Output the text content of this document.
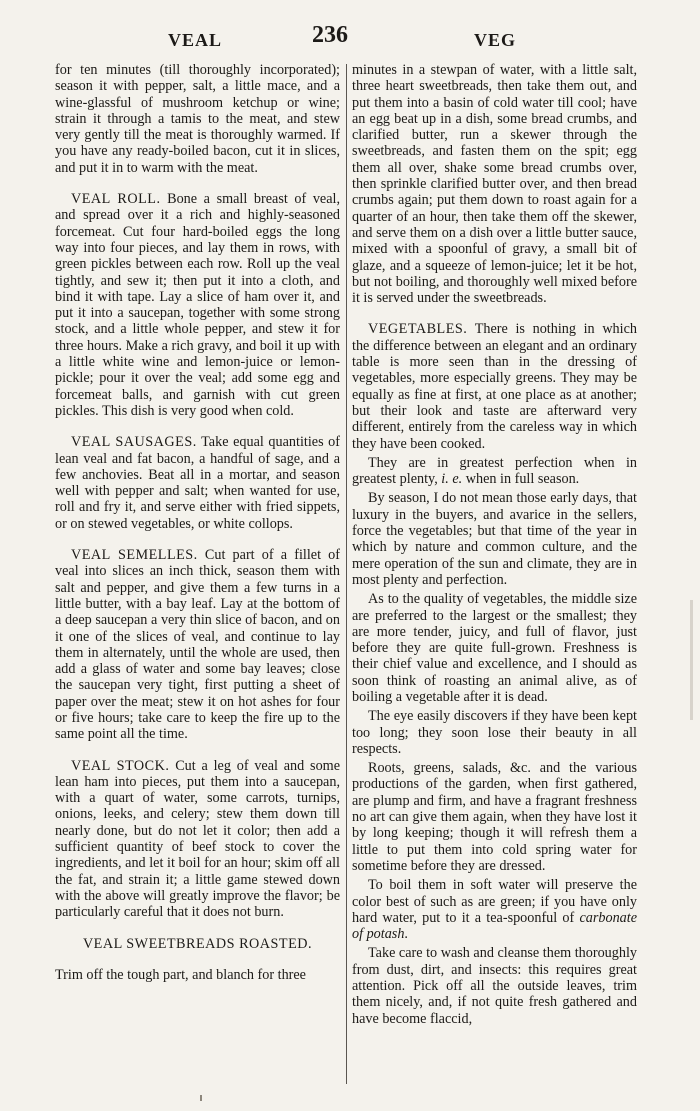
VEAL	236	VEG

for ten minutes (till thoroughly incorporated); season it with pepper, salt, a little mace, and a wine-glassful of mushroom ketchup or wine; strain it through a tamis to the meat, and stew very gently till the meat is thoroughly warmed. If you have any ready-boiled bacon, cut it in slices, and put it in to warm with the meat.

VEAL ROLL. Bone a small breast of veal, and spread over it a rich and highly-seasoned forcemeat. Cut four hard-boiled eggs the long way into four pieces, and lay them in rows, with green pickles between each row. Roll up the veal tightly, and sew it; then put it into a cloth, and bind it with tape. Lay a slice of ham over it, and put it into a saucepan, together with some strong stock, and a little whole pepper, and stew it for three hours. Make a rich gravy, and boil it up with a little white wine and lemon-juice or lemon-pickle; pour it over the veal; add some egg and forcemeat balls, and garnish with cut green pickles. This dish is very good when cold.

VEAL SAUSAGES. Take equal quantities of lean veal and fat bacon, a handful of sage, and a few anchovies. Beat all in a mortar, and season well with pepper and salt; when wanted for use, roll and fry it, and serve either with fried sippets, or on stewed vegetables, or white collops.

VEAL SEMELLES. Cut part of a fillet of veal into slices an inch thick, season them with salt and pepper, and give them a few turns in a little butter, with a bay leaf. Lay at the bottom of a deep saucepan a very thin slice of bacon, and on it one of the slices of veal, and continue to lay them in alternately, until the whole are used, then add a glass of water and some bay leaves; close the saucepan very tight, first putting a sheet of paper over the meat; stew it on hot ashes for four or five hours; take care to keep the fire up to the same point all the time.

VEAL STOCK. Cut a leg of veal and some lean ham into pieces, put them into a saucepan, with a quart of water, some carrots, turnips, onions, leeks, and celery; stew them down till nearly done, but do not let it color; then add a sufficient quantity of beef stock to cover the ingredients, and let it boil for an hour; skim off all the fat, and strain it; a little game stewed down with the above will greatly improve the flavor; be particularly careful that it does not burn.

VEAL SWEETBREADS ROASTED.

Trim off the tough part, and blanch for three

minutes in a stewpan of water, with a little salt, three heart sweetbreads, then take them out, and put them into a basin of cold water till cool; have an egg beat up in a dish, some bread crumbs, and clarified butter, run a skewer through the sweetbreads, and fasten them on the spit; egg them all over, shake some bread crumbs over, then sprinkle clarified butter over, and then bread crumbs again; put them down to roast again for a quarter of an hour, then take them off the skewer, and serve them on a dish over a little butter sauce, mixed with a spoonful of gravy, a small bit of glaze, and a squeeze of lemon-juice; let it be hot, but not boiling, and thoroughly well mixed before it is served under the sweetbreads.

VEGETABLES. There is nothing in which the difference between an elegant and an ordinary table is more seen than in the dressing of vegetables, more especially greens. They may be equally as fine at first, at one place as at another; but their look and taste are afterward very different, entirely from the careless way in which they have been cooked.

They are in greatest perfection when in greatest plenty, i. e. when in full season.

By season, I do not mean those early days, that luxury in the buyers, and avarice in the sellers, force the vegetables; but that time of the year in which by nature and common culture, and the mere operation of the sun and climate, they are in most plenty and perfection.

As to the quality of vegetables, the middle size are preferred to the largest or the smallest; they are more tender, juicy, and full of flavor, just before they are quite full-grown. Freshness is their chief value and excellence, and I should as soon think of roasting an animal alive, as of boiling a vegetable after it is dead.

The eye easily discovers if they have been kept too long; they soon lose their beauty in all respects.

Roots, greens, salads, &c. and the various productions of the garden, when first gathered, are plump and firm, and have a fragrant freshness no art can give them again, when they have lost it by long keeping; though it will refresh them a little to put them into cold spring water for sometime before they are dressed.

To boil them in soft water will preserve the color best of such as are green; if you have only hard water, put to it a tea-spoonful of carbonate of potash.

Take care to wash and cleanse them thoroughly from dust, dirt, and insects: this requires great attention. Pick off all the outside leaves, trim them nicely, and, if not quite fresh gathered and have become flaccid,
